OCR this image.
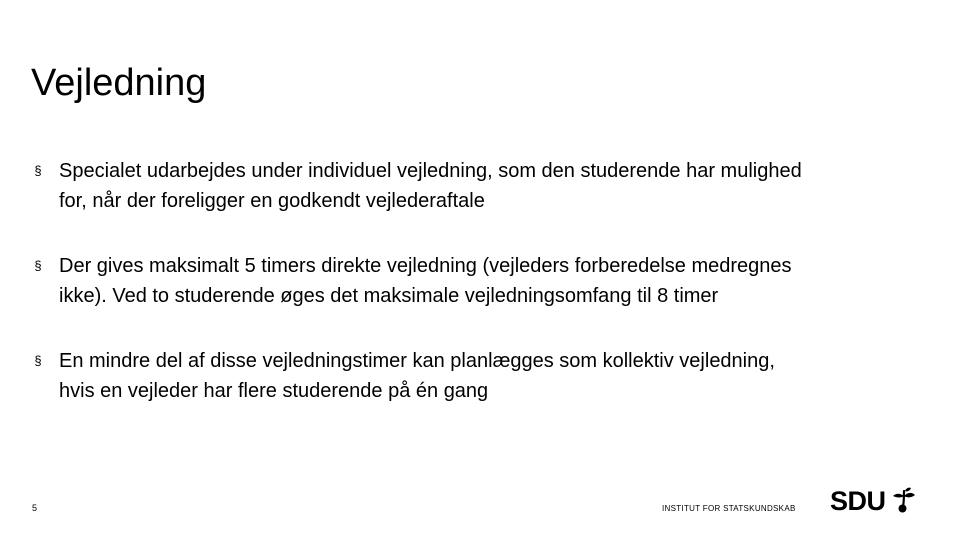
Vejledning
§ Specialet udarbejdes under individuel vejledning, som den studerende har mulighed
for, når der foreligger en godkendt vejlederaftale
§ Der gives maksimalt 5 timers direkte vejledning (vejleders forberedelse medregnes
ikke). Ved to studerende øges det maksimale vejledningsomfang til 8 timer
§ En mindre del af disse vejledningstimer kan planlægges som kollektiv vejledning,
hvis en vejleder har flere studerende på én gang
5	INSTITUT FOR STATSKUNDSKAB SDU
